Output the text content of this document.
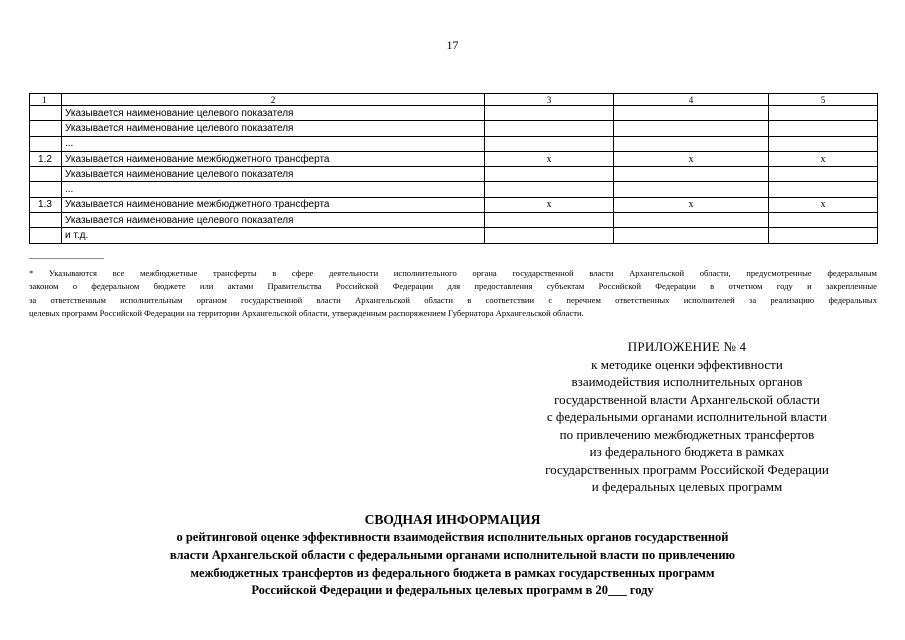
17
1	2	3	4	5
	Указывается наименование целевого показателя			
	Указывается наименование целевого показателя			
	...			
1.2	Указывается наименование межбюджетного трансферта	x	x	x
	Указывается наименование целевого показателя			
	...			
1.3	Указывается наименование межбюджетного трансферта	x	x	x
	Указывается наименование целевого показателя			
	и т.д.			
* Указываются все межбюджетные трансферты в сфере деятельности исполнительного органа государственной власти Архангельской области, предусмотренные федеральным
законом о федеральном бюджете или актами Правительства Российской Федерации для предоставления субъектам Российской Федерации в отчетном году и закрепленные
за ответственным исполнительным органом государственной власти Архангельской области в соответствии с перечнем ответственных исполнителей за реализацию федеральных
целевых программ Российской Федерации на территории Архангельской области, утвержденным распоряжением Губернатора Архангельской области.
ПРИЛОЖЕНИЕ № 4
к методике оценки эффективности
взаимодействия исполнительных органов
государственной власти Архангельской области
с федеральными органами исполнительной власти
по привлечению межбюджетных трансфертов
из федерального бюджета в рамках
государственных программ Российской Федерации
и федеральных целевых программ
СВОДНАЯ ИНФОРМАЦИЯ
о рейтинговой оценке эффективности взаимодействия исполнительных органов государственной
власти Архангельской области с федеральными органами исполнительной власти по привлечению
межбюджетных трансфертов из федерального бюджета в рамках государственных программ
Российской Федерации и федеральных целевых программ в 20___ году
